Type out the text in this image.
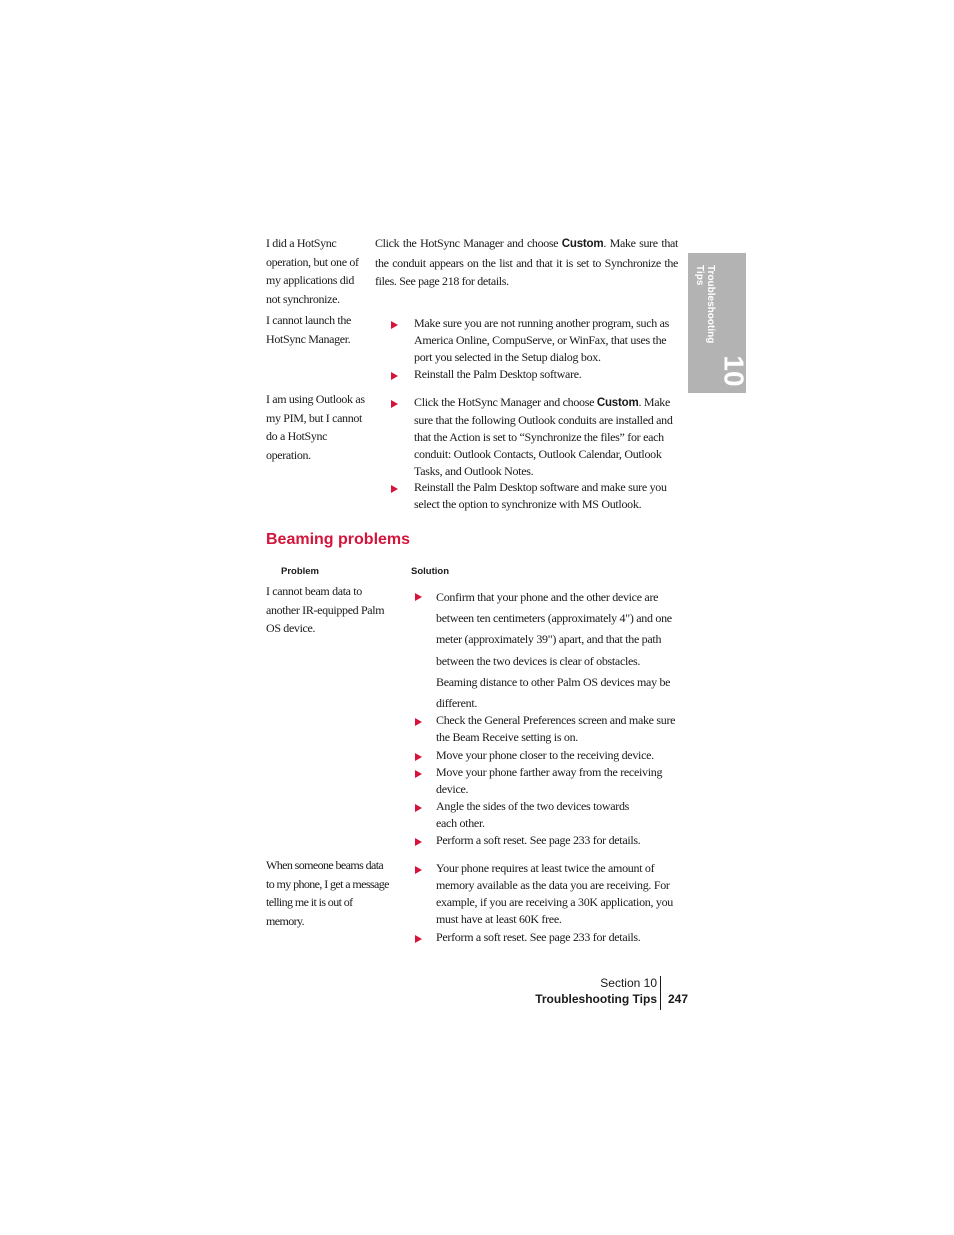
Troubleshooting
Tips
10
I did a HotSync operation, but one of my applications did not synchronize.
Click the HotSync Manager and choose Custom. Make sure that the conduit appears on the list and that it is set to Synchronize the files. See page 218 for details.
I cannot launch the HotSync Manager.
Make sure you are not running another program, such as America Online, CompuServe, or WinFax, that uses the port you selected in the Setup dialog box.
Reinstall the Palm Desktop software.
I am using Outlook as my PIM, but I cannot do a HotSync operation.
Click the HotSync Manager and choose Custom. Make sure that the following Outlook conduits are installed and that the Action is set to “Synchronize the files” for each conduit: Outlook Contacts, Outlook Calendar, Outlook Tasks, and Outlook Notes.
Reinstall the Palm Desktop software and make sure you select the option to synchronize with MS Outlook.
Beaming problems
Problem	Solution
I cannot beam data to another IR-equipped Palm OS device.
Confirm that your phone and the other device are between ten centimeters (approximately 4") and one meter (approximately 39") apart, and that the path between the two devices is clear of obstacles. Beaming distance to other Palm OS devices may be different.
Check the General Preferences screen and make sure the Beam Receive setting is on.
Move your phone closer to the receiving device.
Move your phone farther away from the receiving device.
Angle the sides of the two devices towards each other.
Perform a soft reset. See page 233 for details.
When someone beams data to my phone, I get a message telling me it is out of memory.
Your phone requires at least twice the amount of memory available as the data you are receiving. For example, if you are receiving a 30K application, you must have at least 60K free.
Perform a soft reset. See page 233 for details.
Section 10
Troubleshooting Tips 247
